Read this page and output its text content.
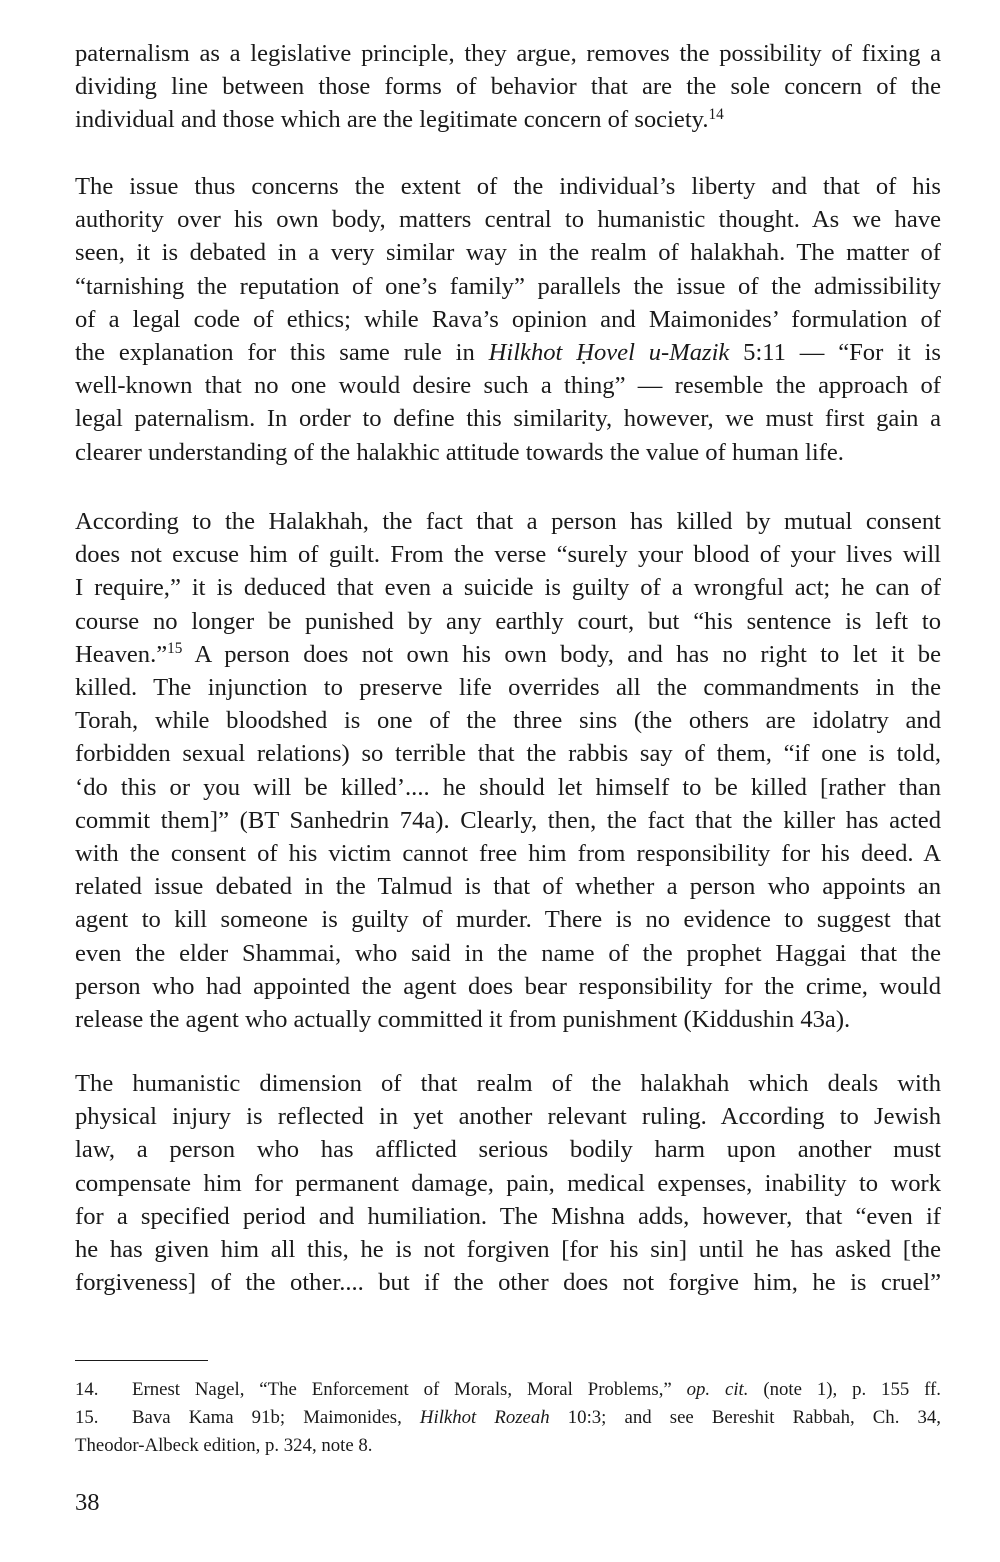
paternalism as a legislative principle, they argue, removes the possibility of fixing a
dividing line between those forms of behavior that are the sole concern of the
individual and those which are the legitimate concern of society.$^{14}$
The issue thus concerns the extent of the individual’s liberty and that of his
authority over his own body, matters central to humanistic thought. As we have
seen, it is debated in a very similar way in the realm of halakhah. The matter of
“tarnishing the reputation of one’s family” parallels the issue of the admissibility
of a legal code of ethics; while Rava’s opinion and Maimonides’ formulation of
the explanation for this same rule in Hilkhot Ḥovel u-Mazik 5:11 — “For it is
well-known that no one would desire such a thing” — resemble the approach of
legal paternalism. In order to define this similarity, however, we must first gain a
clearer understanding of the halakhic attitude towards the value of human life.
According to the Halakhah, the fact that a person has killed by mutual consent
does not excuse him of guilt. From the verse “surely your blood of your lives will
I require,” it is deduced that even a suicide is guilty of a wrongful act; he can of
course no longer be punished by any earthly court, but “his sentence is left to
Heaven.”$^{15}$ A person does not own his own body, and has no right to let it be
killed. The injunction to preserve life overrides all the commandments in the
Torah, while bloodshed is one of the three sins (the others are idolatry and
forbidden sexual relations) so terrible that the rabbis say of them, “if one is told,
‘do this or you will be killed’.... he should let himself to be killed [rather than
commit them]” (BT Sanhedrin 74a). Clearly, then, the fact that the killer has acted
with the consent of his victim cannot free him from responsibility for his deed. A
related issue debated in the Talmud is that of whether a person who appoints an
agent to kill someone is guilty of murder. There is no evidence to suggest that
even the elder Shammai, who said in the name of the prophet Haggai that the
person who had appointed the agent does bear responsibility for the crime, would
release the agent who actually committed it from punishment (Kiddushin 43a).
The humanistic dimension of that realm of the halakhah which deals with
physical injury is reflected in yet another relevant ruling. According to Jewish
law, a person who has afflicted serious bodily harm upon another must
compensate him for permanent damage, pain, medical expenses, inability to work
for a specified period and humiliation. The Mishna adds, however, that “even if
he has given him all this, he is not forgiven [for his sin] until he has asked [the
forgiveness] of the other.... but if the other does not forgive him, he is cruel”
14. Ernest Nagel, “The Enforcement of Morals, Moral Problems,” op. cit. (note 1), p. 155 ff.
15. Bava Kama 91b; Maimonides, Hilkhot Rozeah 10:3; and see Bereshit Rabbah, Ch. 34,
Theodor-Albeck edition, p. 324, note 8.
38
